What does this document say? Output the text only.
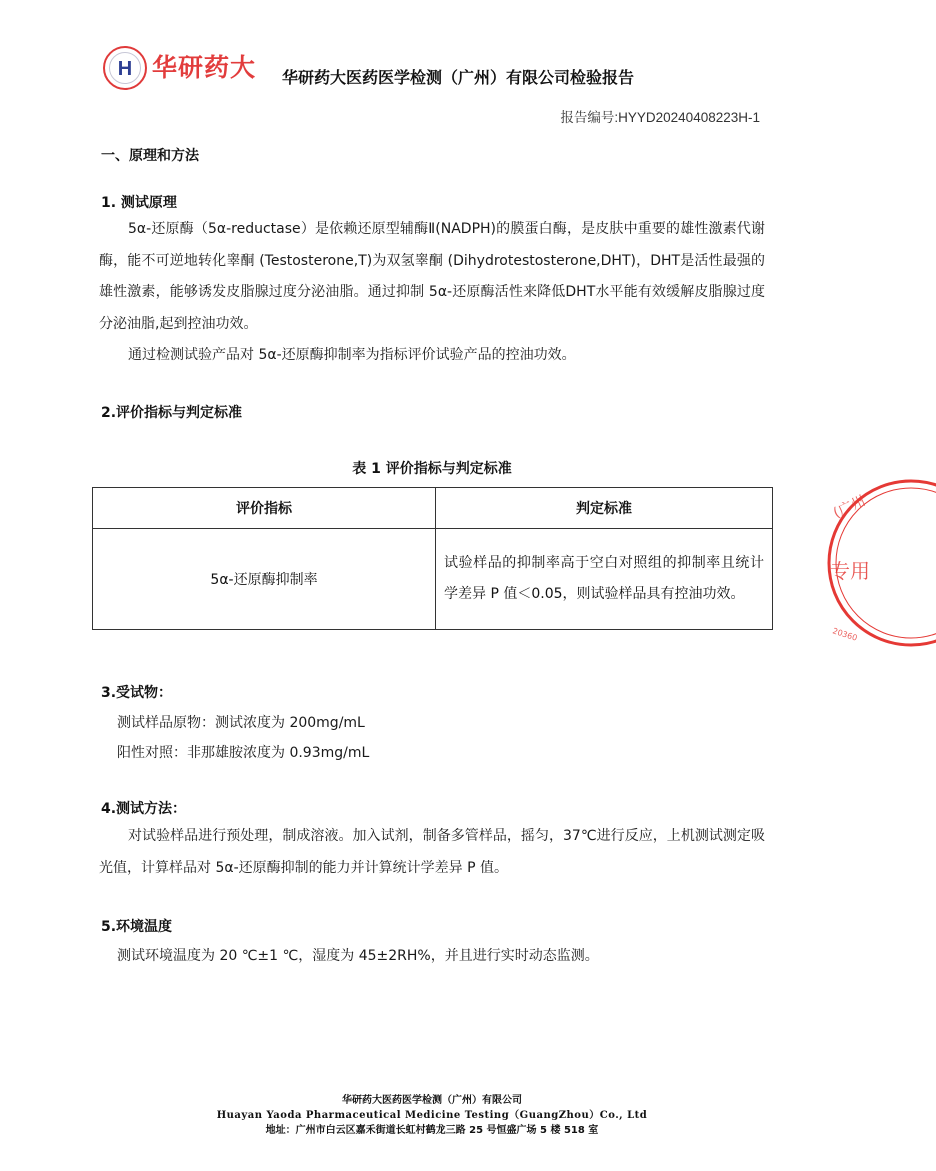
H 华研药大 华研药大医药医学检测（广州）有限公司检验报告
报告编号:HYYD20240408223H-1
一、原理和方法
1. 测试原理
5α-还原酶（5α-reductase）是依赖还原型辅酶Ⅱ(NADPH)的膜蛋白酶，是皮肤中重要的雄性激素代谢酶，能不可逆地转化睾酮 (Testosterone,T)为双氢睾酮 (Dihydrotestosterone,DHT)，DHT是活性最强的雄性激素，能够诱发皮脂腺过度分泌油脂。通过抑制 5α-还原酶活性来降低DHT水平能有效缓解皮脂腺过度分泌油脂,起到控油功效。
通过检测试验产品对 5α-还原酶抑制率为指标评价试验产品的控油功效。
2.评价指标与判定标准
表 1 评价指标与判定标准
评价指标	判定标准
5α-还原酶抑制率	试验样品的抑制率高于空白对照组的抑制率且统计学差异 P 值＜0.05，则试验样品具有控油功效。
3.受试物：
测试样品原物：测试浓度为 200mg/mL
阳性对照：非那雄胺浓度为 0.93mg/mL
4.测试方法：
对试验样品进行预处理，制成溶液。加入试剂，制备多管样品，摇匀，37℃进行反应，上机测试测定吸光值，计算样品对 5α-还原酶抑制的能力并计算统计学差异 P 值。
5.环境温度
测试环境温度为 20 ℃±1 ℃，湿度为 45±2RH%，并且进行实时动态监测。
华研药大医药医学检测（广州）有限公司
Huayan Yaoda Pharmaceutical Medicine Testing（GuangZhou）Co., Ltd
地址：广州市白云区嘉禾街道长虹村鹤龙三路 25 号恒盛广场 5 楼 518 室
专用
(广州
20360
